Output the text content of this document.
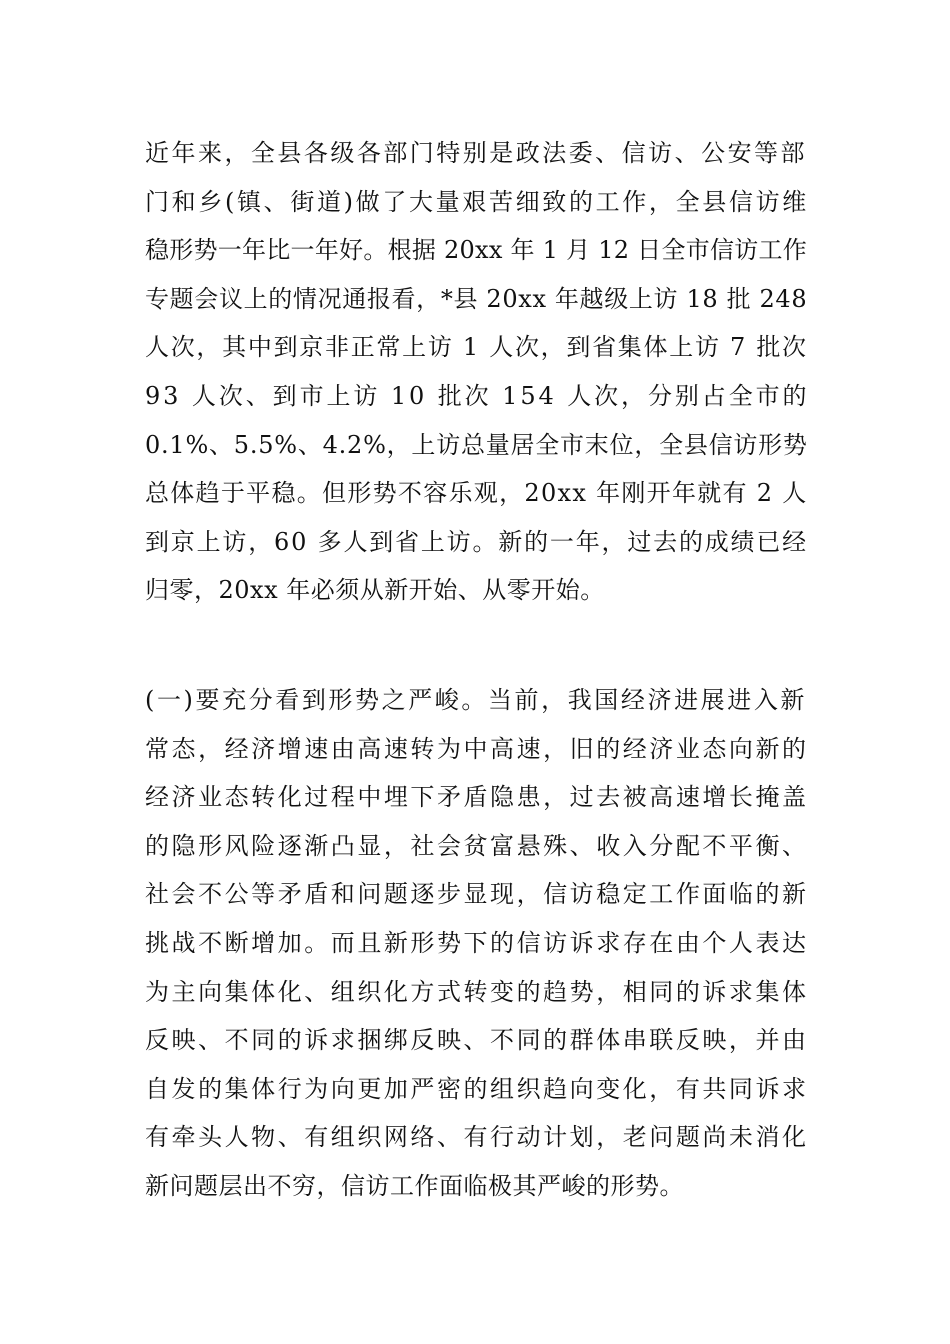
近年来，全县各级各部门特别是政法委、信访、公安等部
门和乡(镇、街道)做了大量艰苦细致的工作，全县信访维
稳形势一年比一年好。根据 20xx 年 1 月 12 日全市信访工作
专题会议上的情况通报看，*县 20xx 年越级上访 18 批 248
人次，其中到京非正常上访 1 人次，到省集体上访 7 批次
93 人次、到市上访 10 批次 154 人次，分别占全市的
0.1%、5.5%、4.2%，上访总量居全市末位，全县信访形势
总体趋于平稳。但形势不容乐观，20xx 年刚开年就有 2 人
到京上访，60 多人到省上访。新的一年，过去的成绩已经
归零，20xx 年必须从新开始、从零开始。
(一)要充分看到形势之严峻。当前，我国经济进展进入新
常态，经济增速由高速转为中高速，旧的经济业态向新的
经济业态转化过程中埋下矛盾隐患，过去被高速增长掩盖
的隐形风险逐渐凸显，社会贫富悬殊、收入分配不平衡、
社会不公等矛盾和问题逐步显现，信访稳定工作面临的新
挑战不断增加。而且新形势下的信访诉求存在由个人表达
为主向集体化、组织化方式转变的趋势，相同的诉求集体
反映、不同的诉求捆绑反映、不同的群体串联反映，并由
自发的集体行为向更加严密的组织趋向变化，有共同诉求
有牵头人物、有组织网络、有行动计划，老问题尚未消化
新问题层出不穷，信访工作面临极其严峻的形势。
